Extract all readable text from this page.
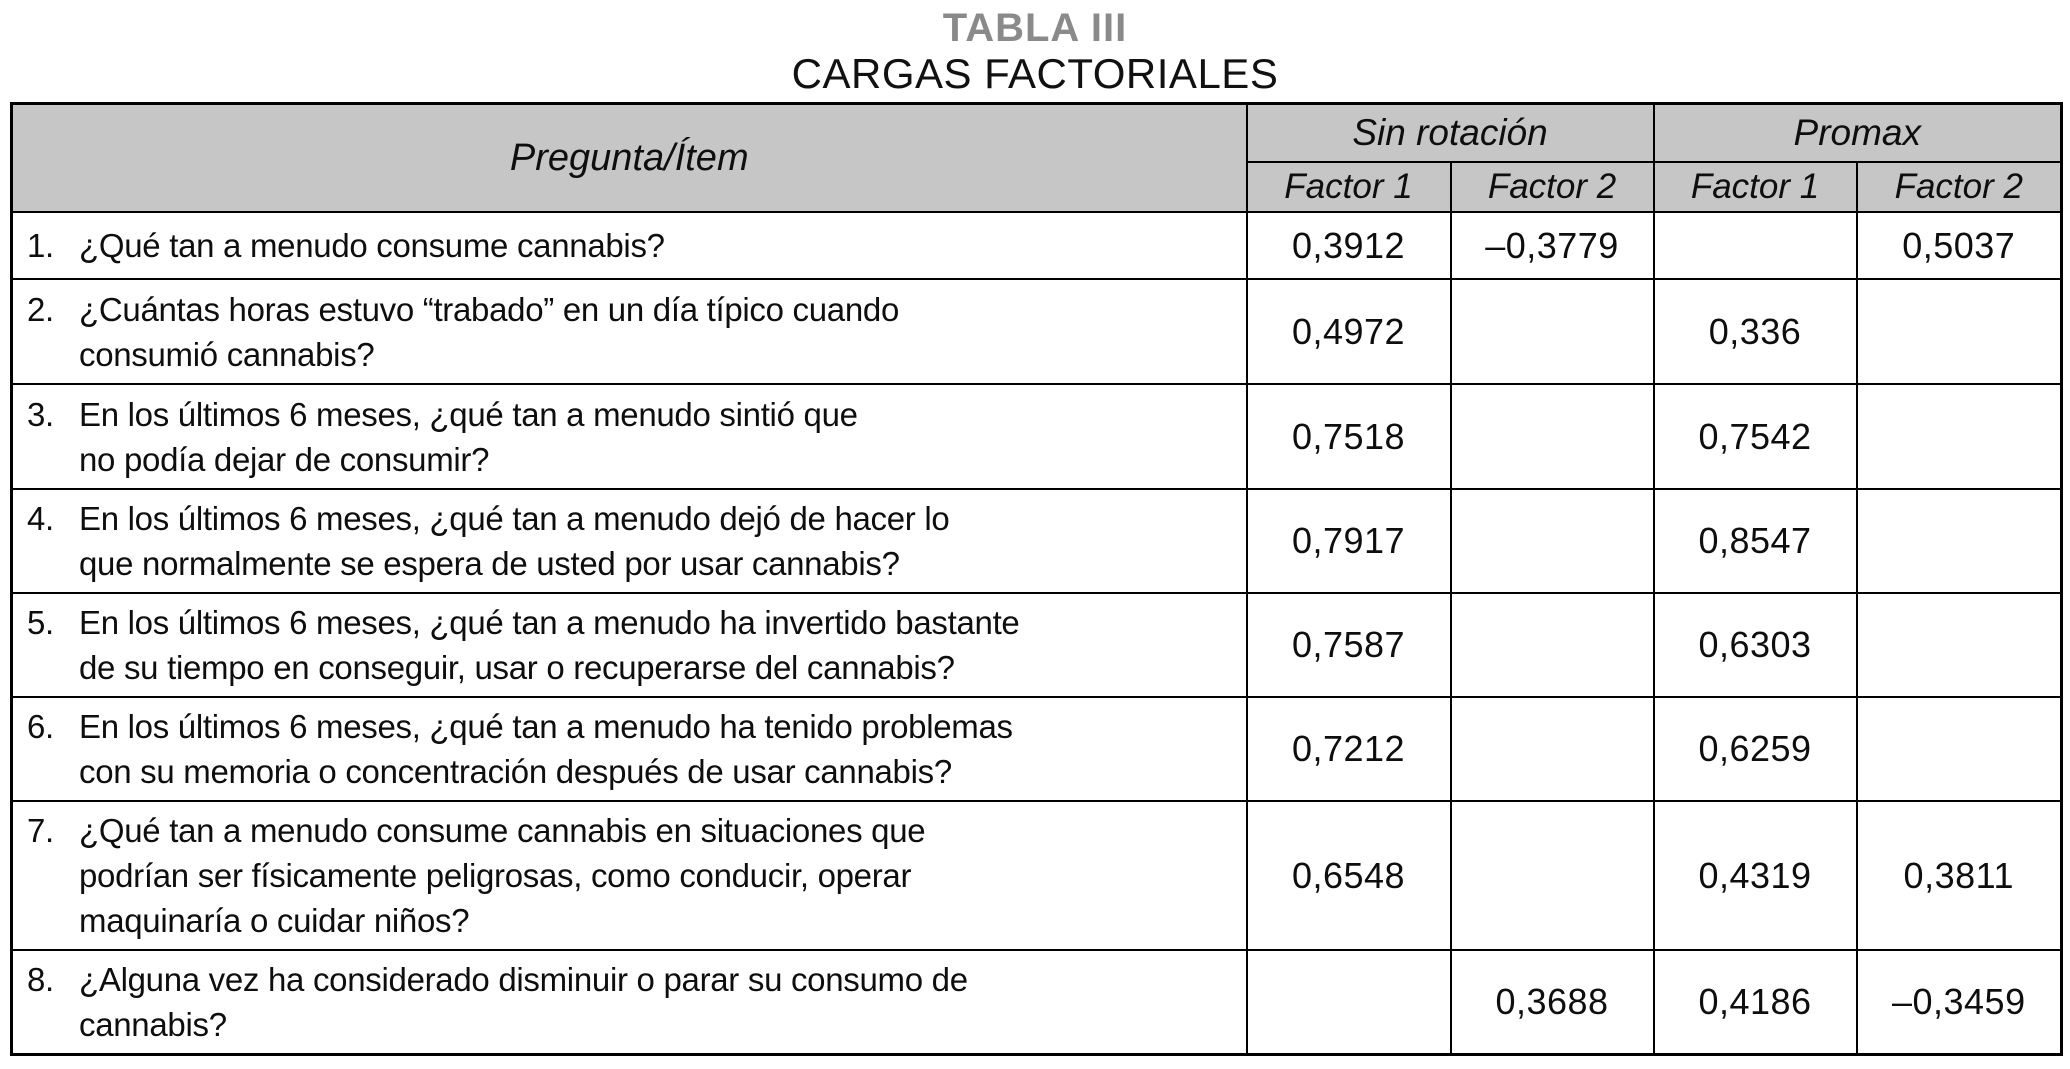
TABLA III
CARGAS FACTORIALES
Pregunta/Ítem	Sin rotación		Promax	
	Factor 1	Factor 2	Factor 1	Factor 2

1. ¿Qué tan a menudo consume cannabis?	0,3912	–0,3779		0,5037

2. ¿Cuántas horas estuvo “trabado” en un día típico cuando
consumió cannabis?	0,4972		0,336	

3. En los últimos 6 meses, ¿qué tan a menudo sintió que
no podía dejar de consumir?	0,7518		0,7542	

4. En los últimos 6 meses, ¿qué tan a menudo dejó de hacer lo
que normalmente se espera de usted por usar cannabis?	0,7917		0,8547	

5. En los últimos 6 meses, ¿qué tan a menudo ha invertido bastante
de su tiempo en conseguir, usar o recuperarse del cannabis?	0,7587		0,6303	

6. En los últimos 6 meses, ¿qué tan a menudo ha tenido problemas
con su memoria o concentración después de usar cannabis?	0,7212		0,6259	

7. ¿Qué tan a menudo consume cannabis en situaciones que
podrían ser físicamente peligrosas, como conducir, operar
maquinaría o cuidar niños?	0,6548		0,4319	0,3811

8. ¿Alguna vez ha considerado disminuir o parar su consumo de
cannabis?		0,3688	0,4186	–0,3459
